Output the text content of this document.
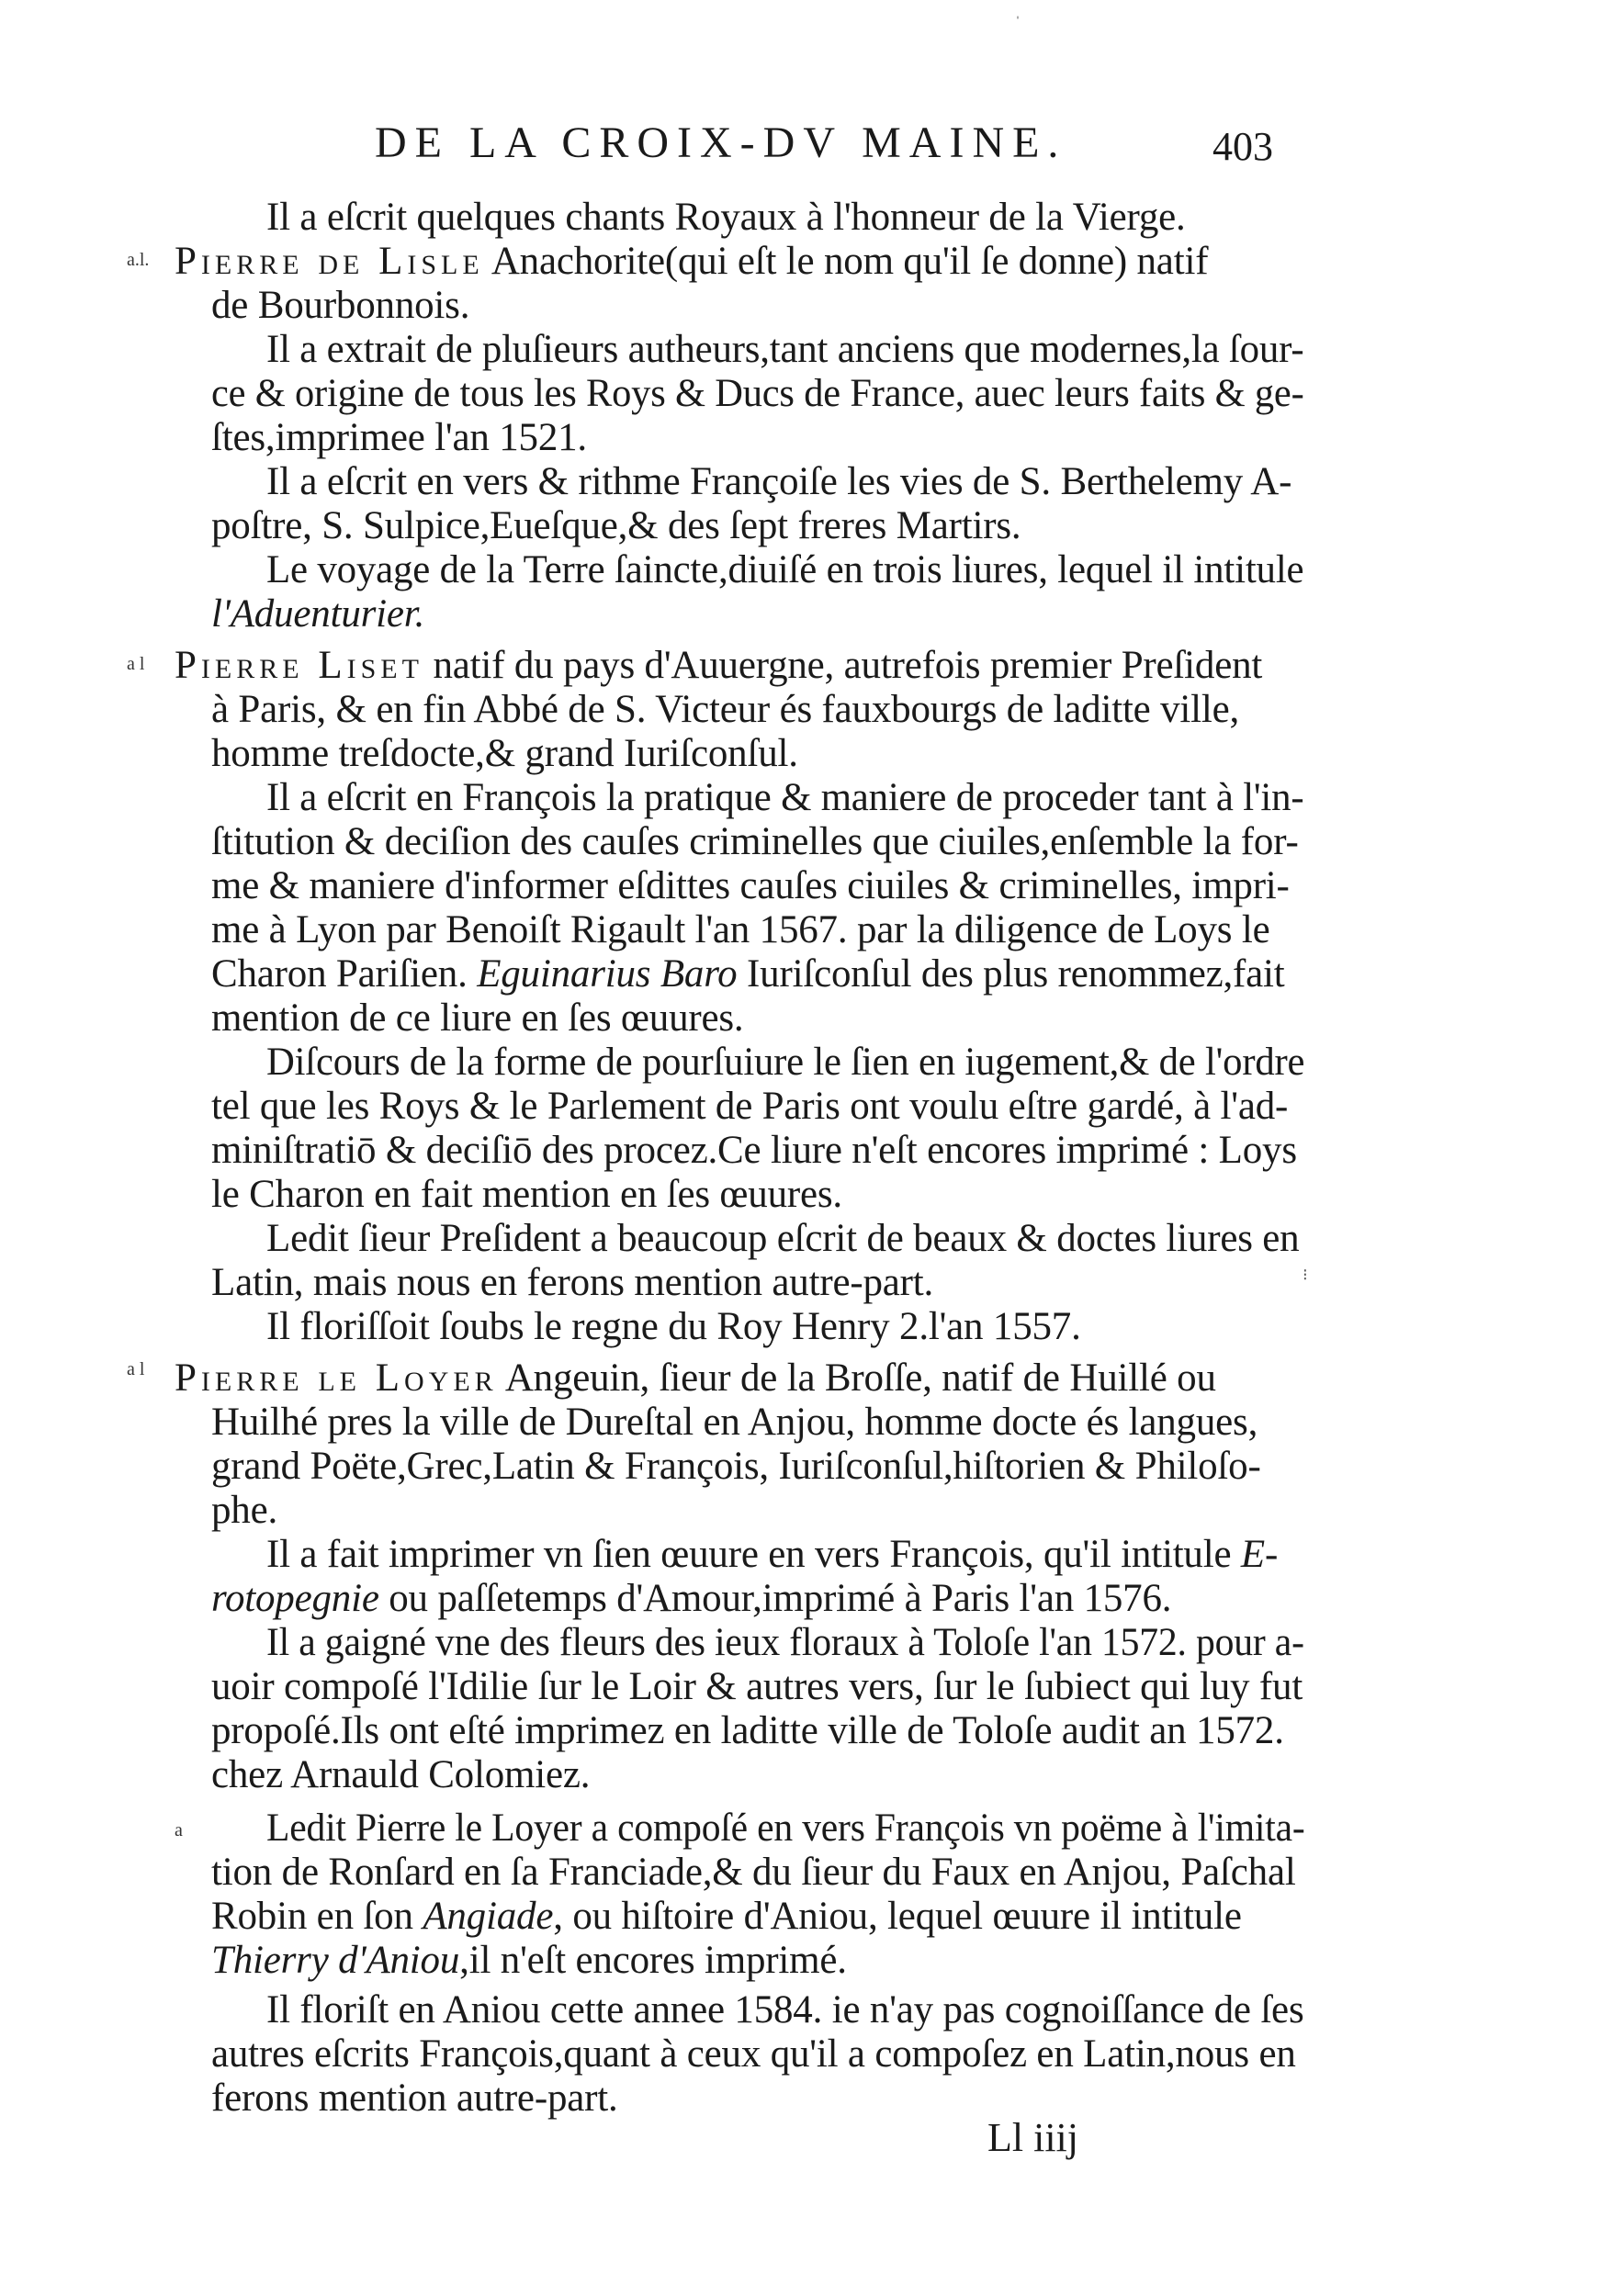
DE LA CROIX-DV MAINE.	403
a.l.
a l
a l
a
Il a eſcrit quelques chants Royaux à l'honneur de la Vierge.
Pierre de Lisle Anachorite(qui eſt le nom qu'il ſe donne) natif
de Bourbonnois.
Il a extrait de pluſieurs autheurs,tant anciens que modernes,la ſour-
ce & origine de tous les Roys & Ducs de France, auec leurs faits & ge-
ſtes,imprimee l'an 1521.
Il a eſcrit en vers & rithme Françoiſe les vies de S. Berthelemy A-
poſtre, S. Sulpice,Eueſque,& des ſept freres Martirs.
Le voyage de la Terre ſaincte,diuiſé en trois liures, lequel il intitule
l'Aduenturier.
Pierre Liset natif du pays d'Auuergne, autrefois premier Preſident
à Paris, & en fin Abbé de S. Victeur és fauxbourgs de laditte ville,
homme treſdocte,& grand Iuriſconſul.
Il a eſcrit en François la pratique & maniere de proceder tant à l'in-
ſtitution & deciſion des cauſes criminelles que ciuiles,enſemble la for-
me & maniere d'informer eſdittes cauſes ciuiles & criminelles, impri-
me à Lyon par Benoiſt Rigault l'an 1567. par la diligence de Loys le
Charon Pariſien. Eguinarius Baro Iuriſconſul des plus renommez,fait
mention de ce liure en ſes œuures.
Diſcours de la forme de pourſuiure le ſien en iugement,& de l'ordre
tel que les Roys & le Parlement de Paris ont voulu eſtre gardé, à l'ad-
miniſtratiō & deciſiō des procez.Ce liure n'eſt encores imprimé : Loys
le Charon en fait mention en ſes œuures.
Ledit ſieur Preſident a beaucoup eſcrit de beaux & doctes liures en
Latin, mais nous en ferons mention autre-part.
Il floriſſoit ſoubs le regne du Roy Henry 2.l'an 1557.
Pierre le Loyer Angeuin, ſieur de la Broſſe, natif de Huillé ou
Huilhé pres la ville de Dureſtal en Anjou, homme docte és langues,
grand Poëte,Grec,Latin & François, Iuriſconſul,hiſtorien & Philoſo-
phe.
Il a fait imprimer vn ſien œuure en vers François, qu'il intitule E-
rotopegnie ou paſſetemps d'Amour,imprimé à Paris l'an 1576.
Il a gaigné vne des fleurs des ieux floraux à Toloſe l'an 1572. pour a-
uoir compoſé l'Idilie ſur le Loir & autres vers, ſur le ſubiect qui luy fut
propoſé.Ils ont eſté imprimez en laditte ville de Toloſe audit an 1572.
chez Arnauld Colomiez.
Ledit Pierre le Loyer a compoſé en vers François vn poëme à l'imita-
tion de Ronſard en ſa Franciade,& du ſieur du Faux en Anjou, Paſchal
Robin en ſon Angiade, ou hiſtoire d'Aniou, lequel œuure il intitule
Thierry d'Aniou,il n'eſt encores imprimé.
Il floriſt en Aniou cette annee 1584. ie n'ay pas cognoiſſance de ſes
autres eſcrits François,quant à ceux qu'il a compoſez en Latin,nous en
ferons mention autre-part.
Ll iiij
ˈ
⁝
